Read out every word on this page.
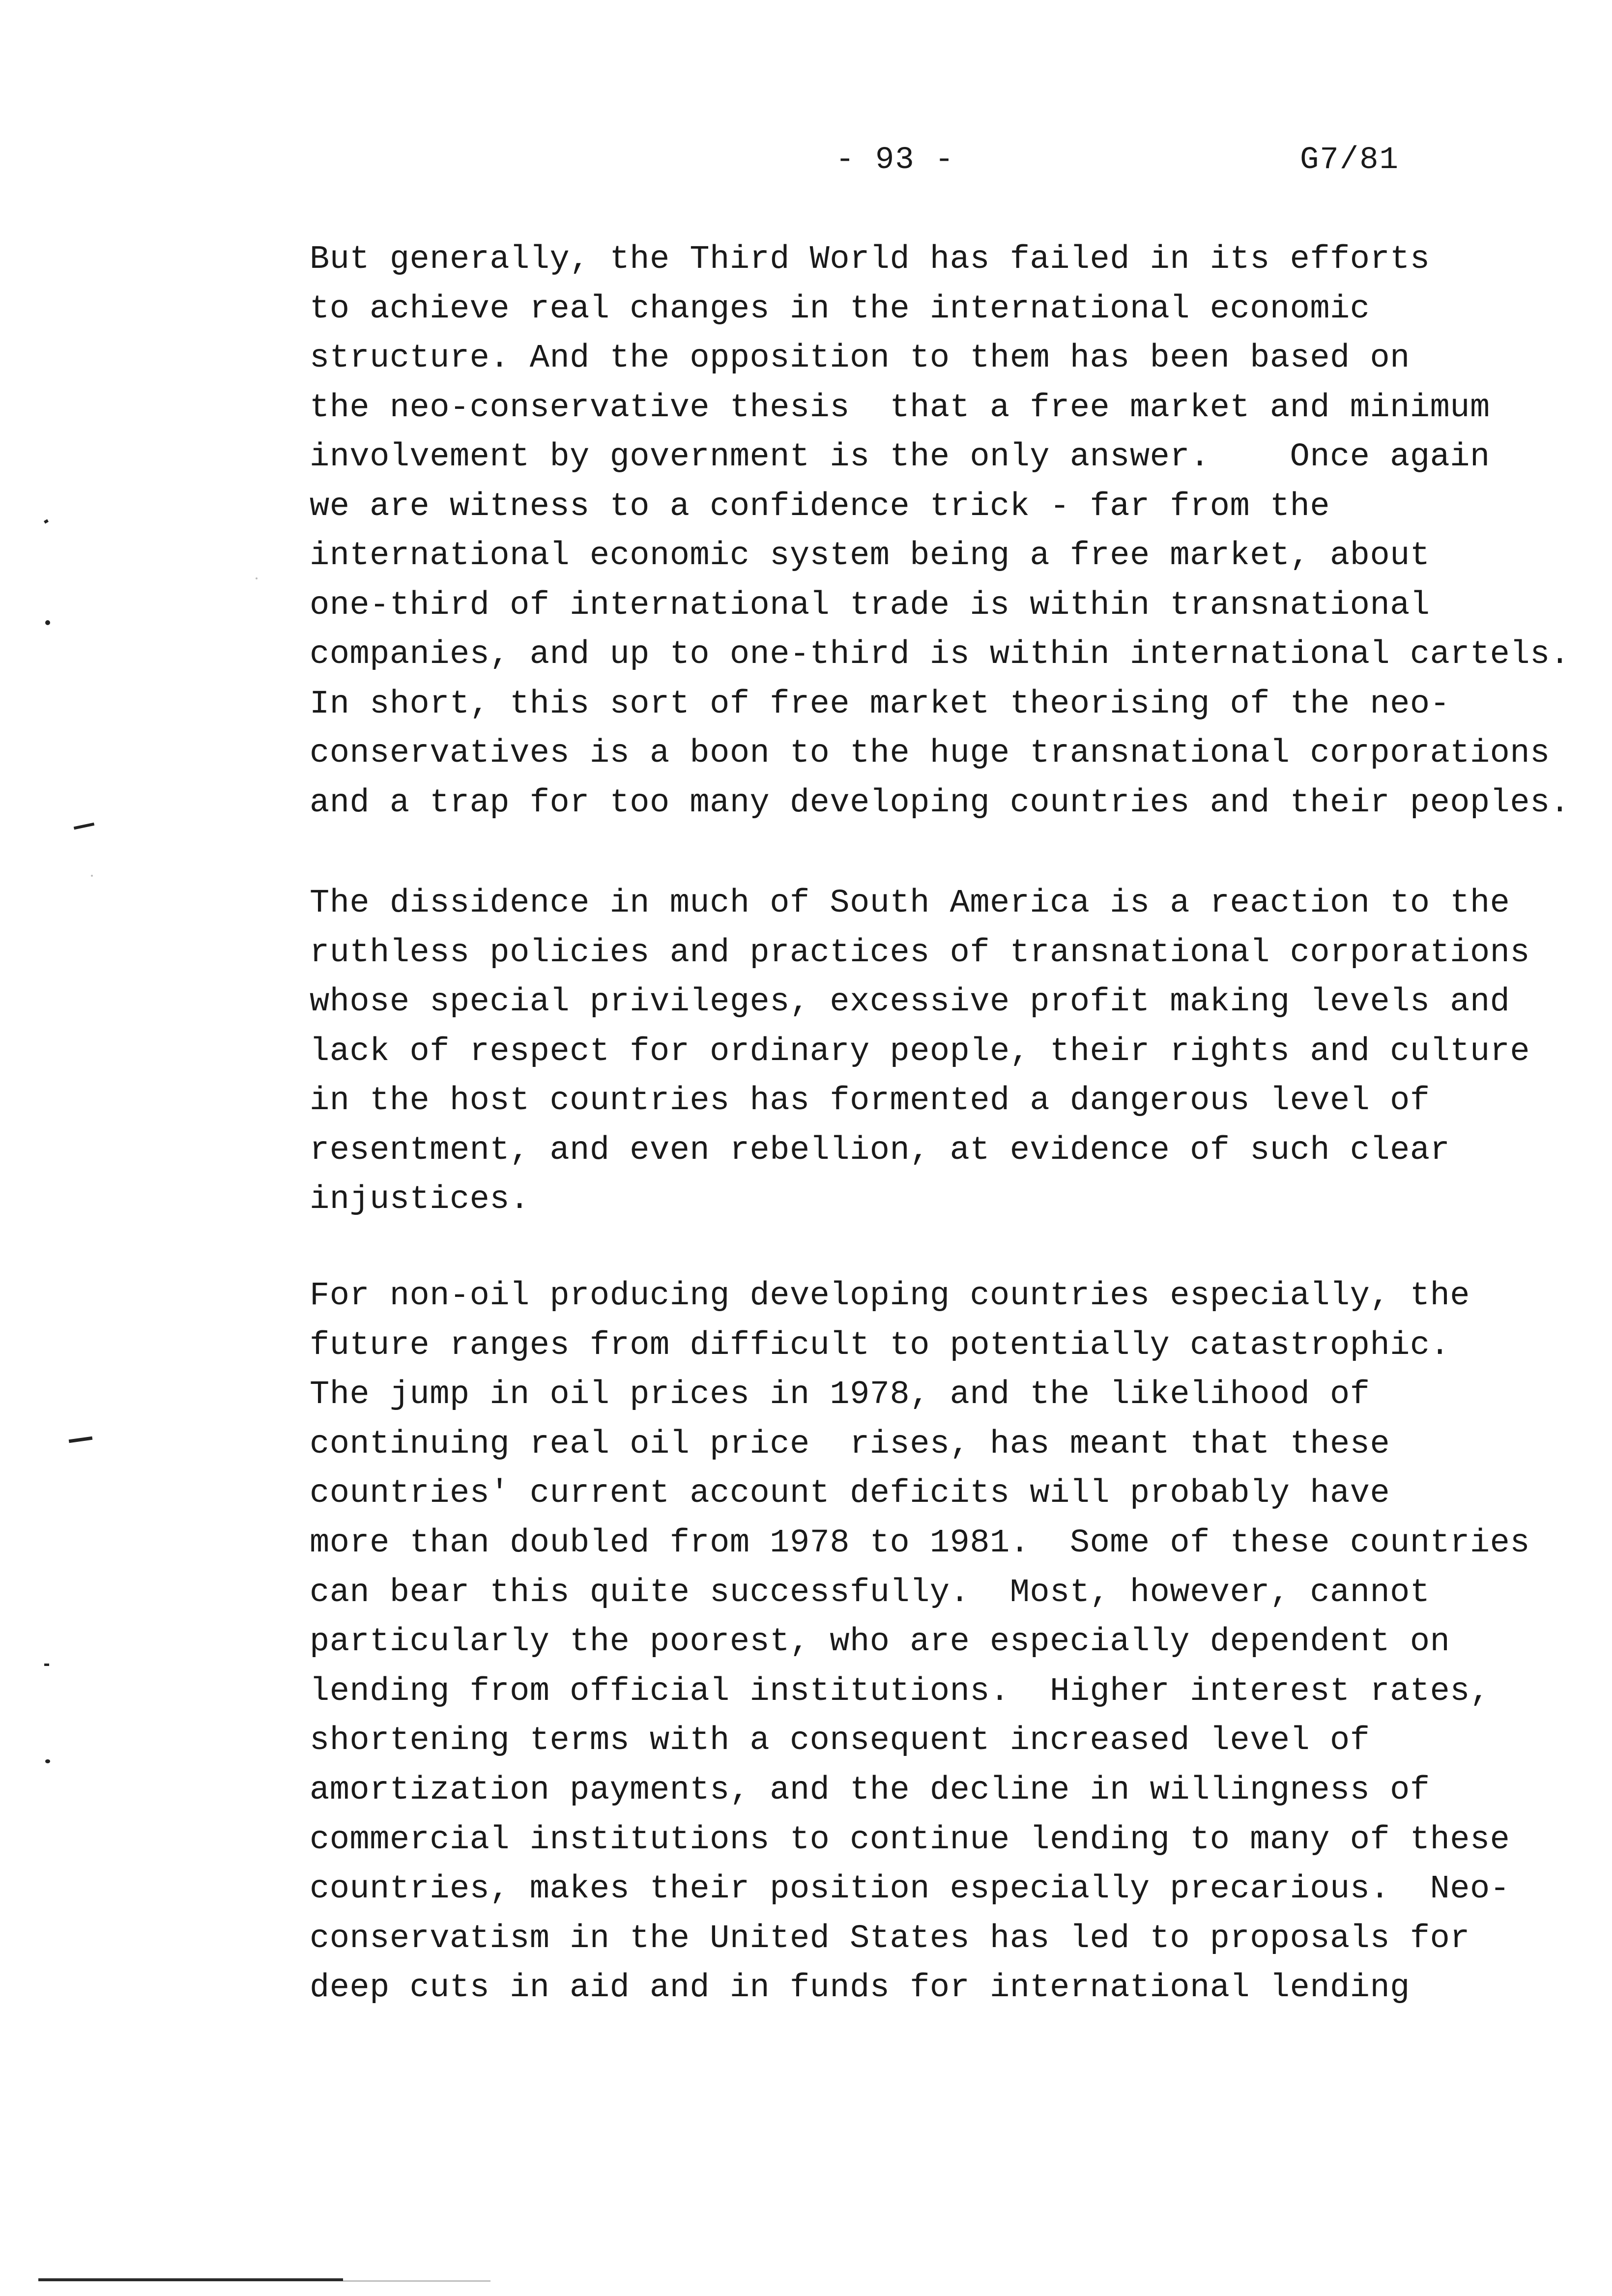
- 93 -	G7/81
But generally, the Third World has failed in its efforts
to achieve real changes in the international economic
structure. And the opposition to them has been based on
the neo-conservative thesis  that a free market and minimum
involvement by government is the only answer.    Once again
we are witness to a confidence trick - far from the
international economic system being a free market, about
one-third of international trade is within transnational
companies, and up to one-third is within international cartels.
In short, this sort of free market theorising of the neo-
conservatives is a boon to the huge transnational corporations
and a trap for too many developing countries and their peoples.
The dissidence in much of South America is a reaction to the
ruthless policies and practices of transnational corporations
whose special privileges, excessive profit making levels and
lack of respect for ordinary people, their rights and culture
in the host countries has formented a dangerous level of
resentment, and even rebellion, at evidence of such clear
injustices.
For non-oil producing developing countries especially, the
future ranges from difficult to potentially catastrophic.
The jump in oil prices in 1978, and the likelihood of
continuing real oil price  rises, has meant that these
countries' current account deficits will probably have
more than doubled from 1978 to 1981.  Some of these countries
can bear this quite successfully.  Most, however, cannot
particularly the poorest, who are especially dependent on
lending from official institutions.  Higher interest rates,
shortening terms with a consequent increased level of
amortization payments, and the decline in willingness of
commercial institutions to continue lending to many of these
countries, makes their position especially precarious.  Neo-
conservatism in the United States has led to proposals for
deep cuts in aid and in funds for international lending
